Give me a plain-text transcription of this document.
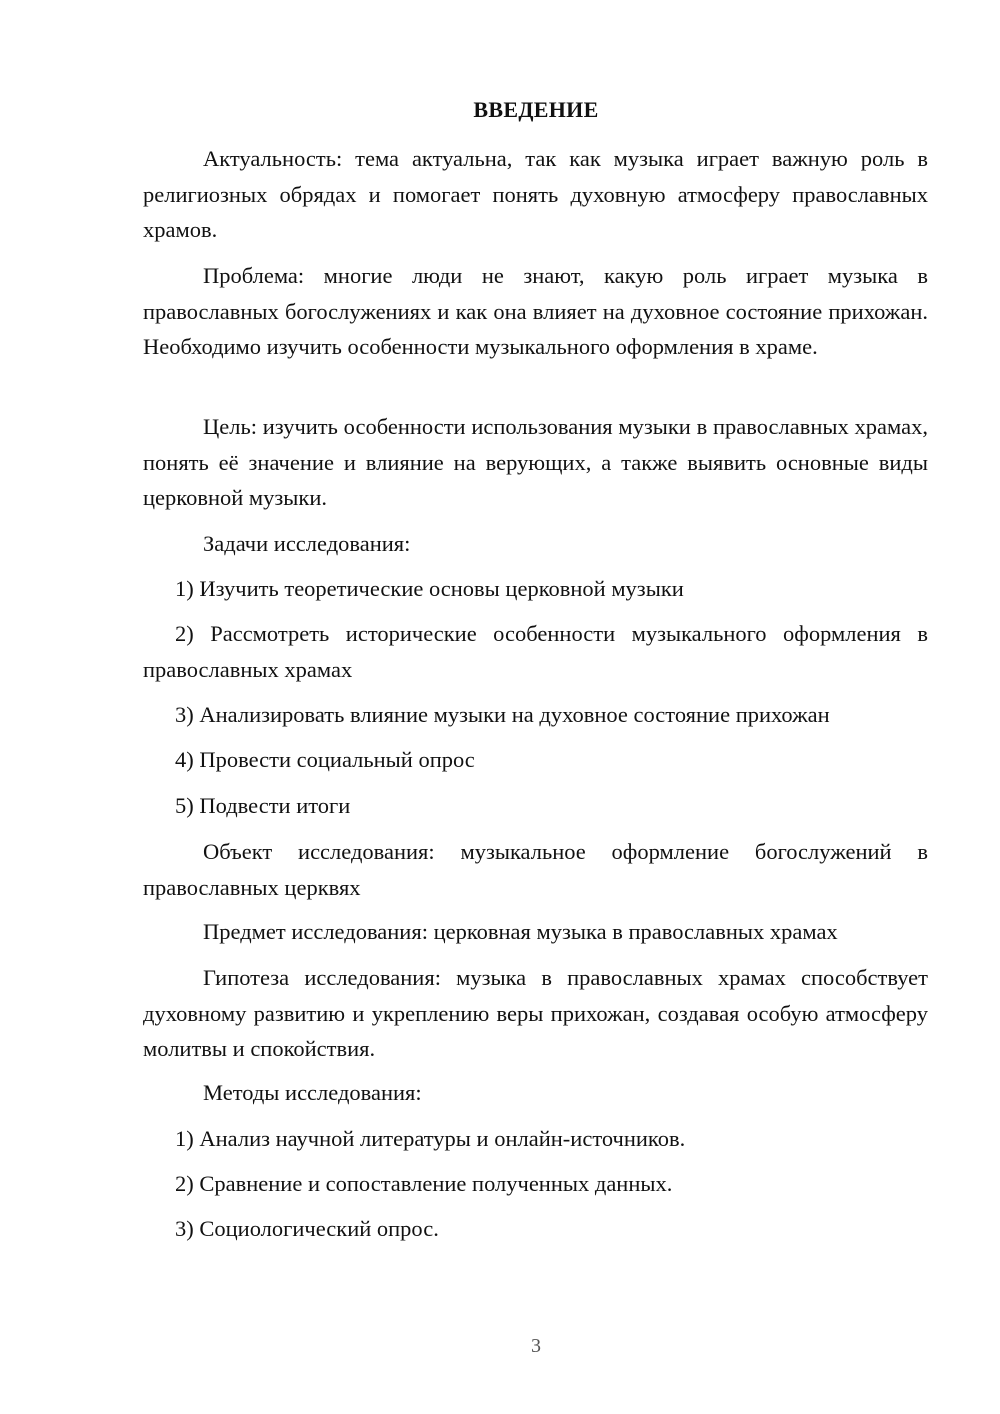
ВВЕДЕНИЕ

Актуальность: тема актуальна, так как музыка играет важную роль в религиозных обрядах и помогает понять духовную атмосферу православных храмов.

Проблема: многие люди не знают, какую роль играет музыка в православных богослужениях и как она влияет на духовное состояние прихожан. Необходимо изучить особенности музыкального оформления в храме.

Цель: изучить особенности использования музыки в православных храмах, понять её значение и влияние на верующих, а также выявить основные виды церковной музыки.

Задачи исследования:

1) Изучить теоретические основы церковной музыки

2) Рассмотреть исторические особенности музыкального оформления в православных храмах

3) Анализировать влияние музыки на духовное состояние прихожан

4) Провести социальный опрос

5) Подвести итоги

Объект исследования: музыкальное оформление богослужений в православных церквях

Предмет исследования: церковная музыка в православных храмах

Гипотеза исследования: музыка в православных храмах способствует духовному развитию и укреплению веры прихожан, создавая особую атмосферу молитвы и спокойствия.

Методы исследования:

1) Анализ научной литературы и онлайн-источников.

2) Сравнение и сопоставление полученных данных.

3) Социологический опрос.

3
